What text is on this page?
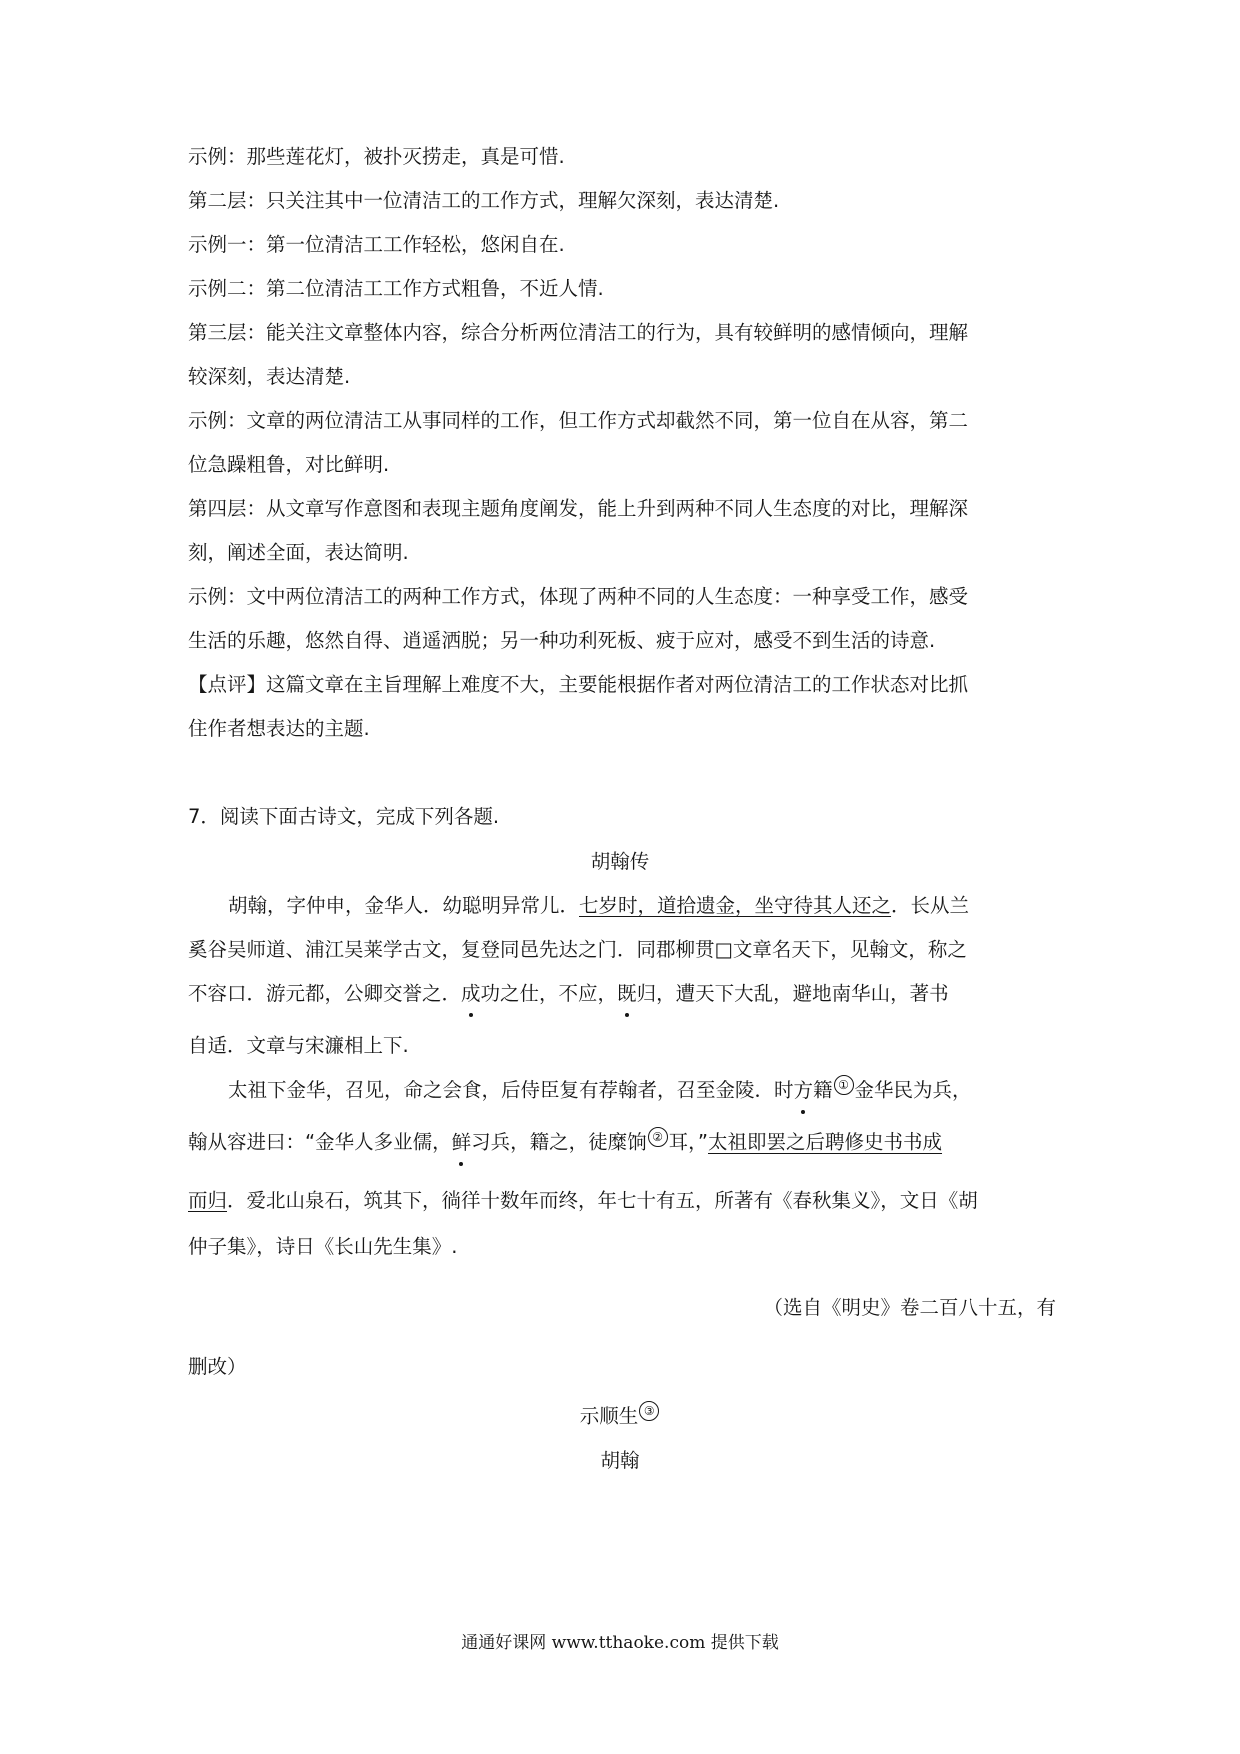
示例：那些莲花灯，被扑灭捞走，真是可惜.
第二层：只关注其中一位清洁工的工作方式，理解欠深刻，表达清楚.
示例一：第一位清洁工工作轻松，悠闲自在.
示例二：第二位清洁工工作方式粗鲁，不近人情.
第三层：能关注文章整体内容，综合分析两位清洁工的行为，具有较鲜明的感情倾向，理解
较深刻，表达清楚.
示例：文章的两位清洁工从事同样的工作，但工作方式却截然不同，第一位自在从容，第二
位急躁粗鲁，对比鲜明.
第四层：从文章写作意图和表现主题角度阐发，能上升到两种不同人生态度的对比，理解深
刻，阐述全面，表达简明.
示例：文中两位清洁工的两种工作方式，体现了两种不同的人生态度：一种享受工作，感受
生活的乐趣，悠然自得、逍遥洒脱；另一种功利死板、疲于应对，感受不到生活的诗意.
【点评】这篇文章在主旨理解上难度不大，主要能根据作者对两位清洁工的工作状态对比抓
住作者想表达的主题.
7．阅读下面古诗文，完成下列各题.
胡翰传
胡翰，字仲申，金华人．幼聪明异常儿．七岁时，道拾遗金，坐守待其人还之．长从兰
奚谷吴师道、浦江吴莱学古文，复登同邑先达之门．同郡柳贯□文章名天下，见翰文，称之
不容口．游元都，公卿交誉之．成功之仕，不应，既归，遭天下大乱，避地南华山，著书
自适．文章与宋濂相上下.
太祖下金华，召见，命之会食，后侍臣复有荐翰者，召至金陵．时方籍 ① 金华民为兵，
翰从容进曰：“金华人多业儒，鲜习兵，籍之，徒糜饷 ② 耳，”太祖即罢之后聘修史书书成
而归．爱北山泉石，筑其下，徜徉十数年而终，年七十有五，所著有《春秋集义》，文日《胡
仲子集》，诗日《长山先生集》.
（选自《明史》卷二百八十五，有
删改）
示顺生 ③
胡翰
通通好课网 www.tthaoke.com 提供下载
